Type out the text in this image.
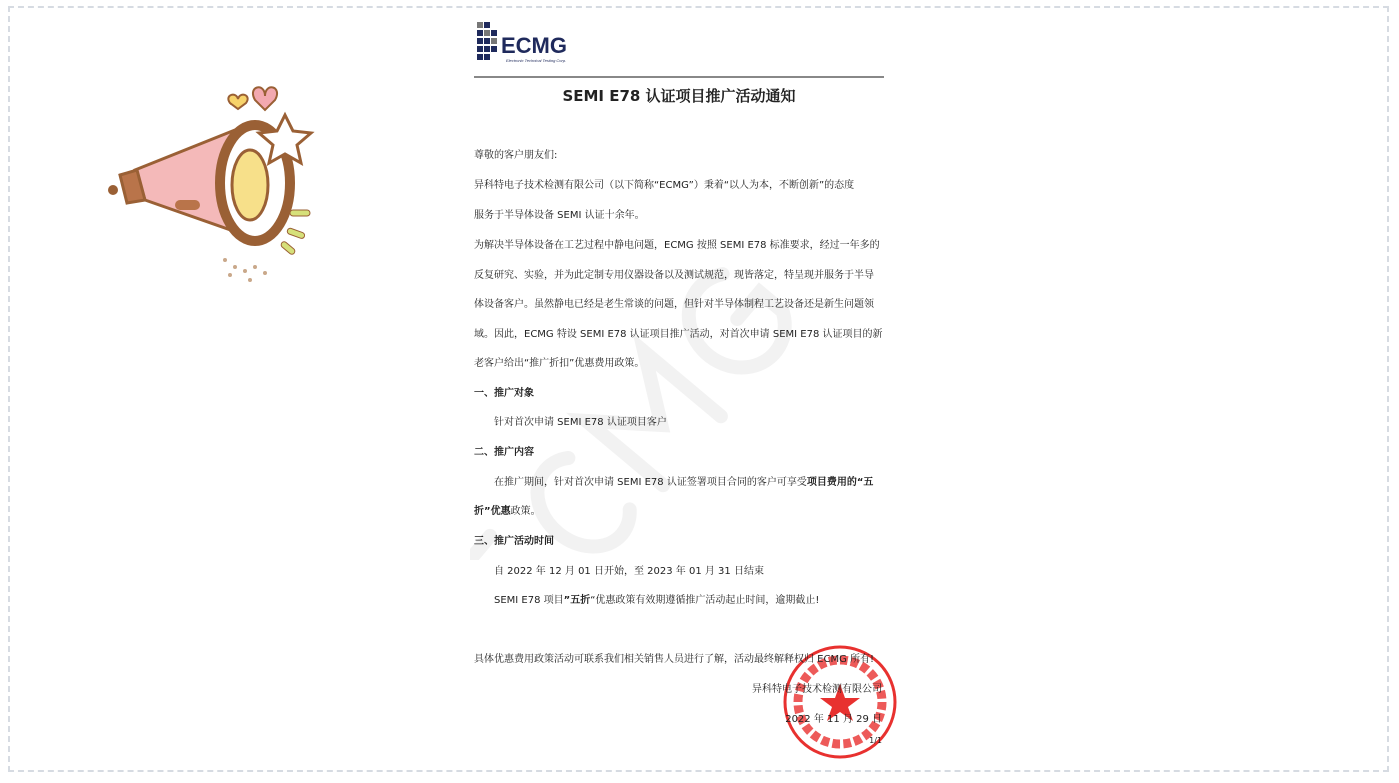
ECMG
Electronic Technical Testing Corp.
SEMI E78 认证项目推广活动通知
尊敬的客户朋友们:
异科特电子技术检测有限公司（以下简称“ECMG”）秉着“以人为本，不断创新”的态度
服务于半导体设备 SEMI 认证十余年。
为解决半导体设备在工艺过程中静电问题，ECMG 按照 SEMI E78 标准要求，经过一年多的
反复研究、实验，并为此定制专用仪器设备以及测试规范，现皆落定，特呈现并服务于半导
体设备客户。虽然静电已经是老生常谈的问题，但针对半导体制程工艺设备还是新生问题领
域。因此，ECMG 特设 SEMI E78 认证项目推广活动，对首次申请 SEMI E78 认证项目的新
老客户给出“推广折扣”优惠费用政策。
一、推广对象
针对首次申请 SEMI E78 认证项目客户
二、推广内容
在推广期间，针对首次申请 SEMI E78 认证签署项目合同的客户可享受项目费用的“五
折”优惠政策。
三、推广活动时间
自 2022 年 12 月 01 日开始，至 2023 年 01 月 31 日结束
SEMI E78 项目”五折“优惠政策有效期遵循推广活动起止时间，逾期截止!
具体优惠费用政策活动可联系我们相关销售人员进行了解，活动最终解释权归 ECMG 所有!
异科特电子技术检测有限公司
2022 年 11 月 29 日
1/1
